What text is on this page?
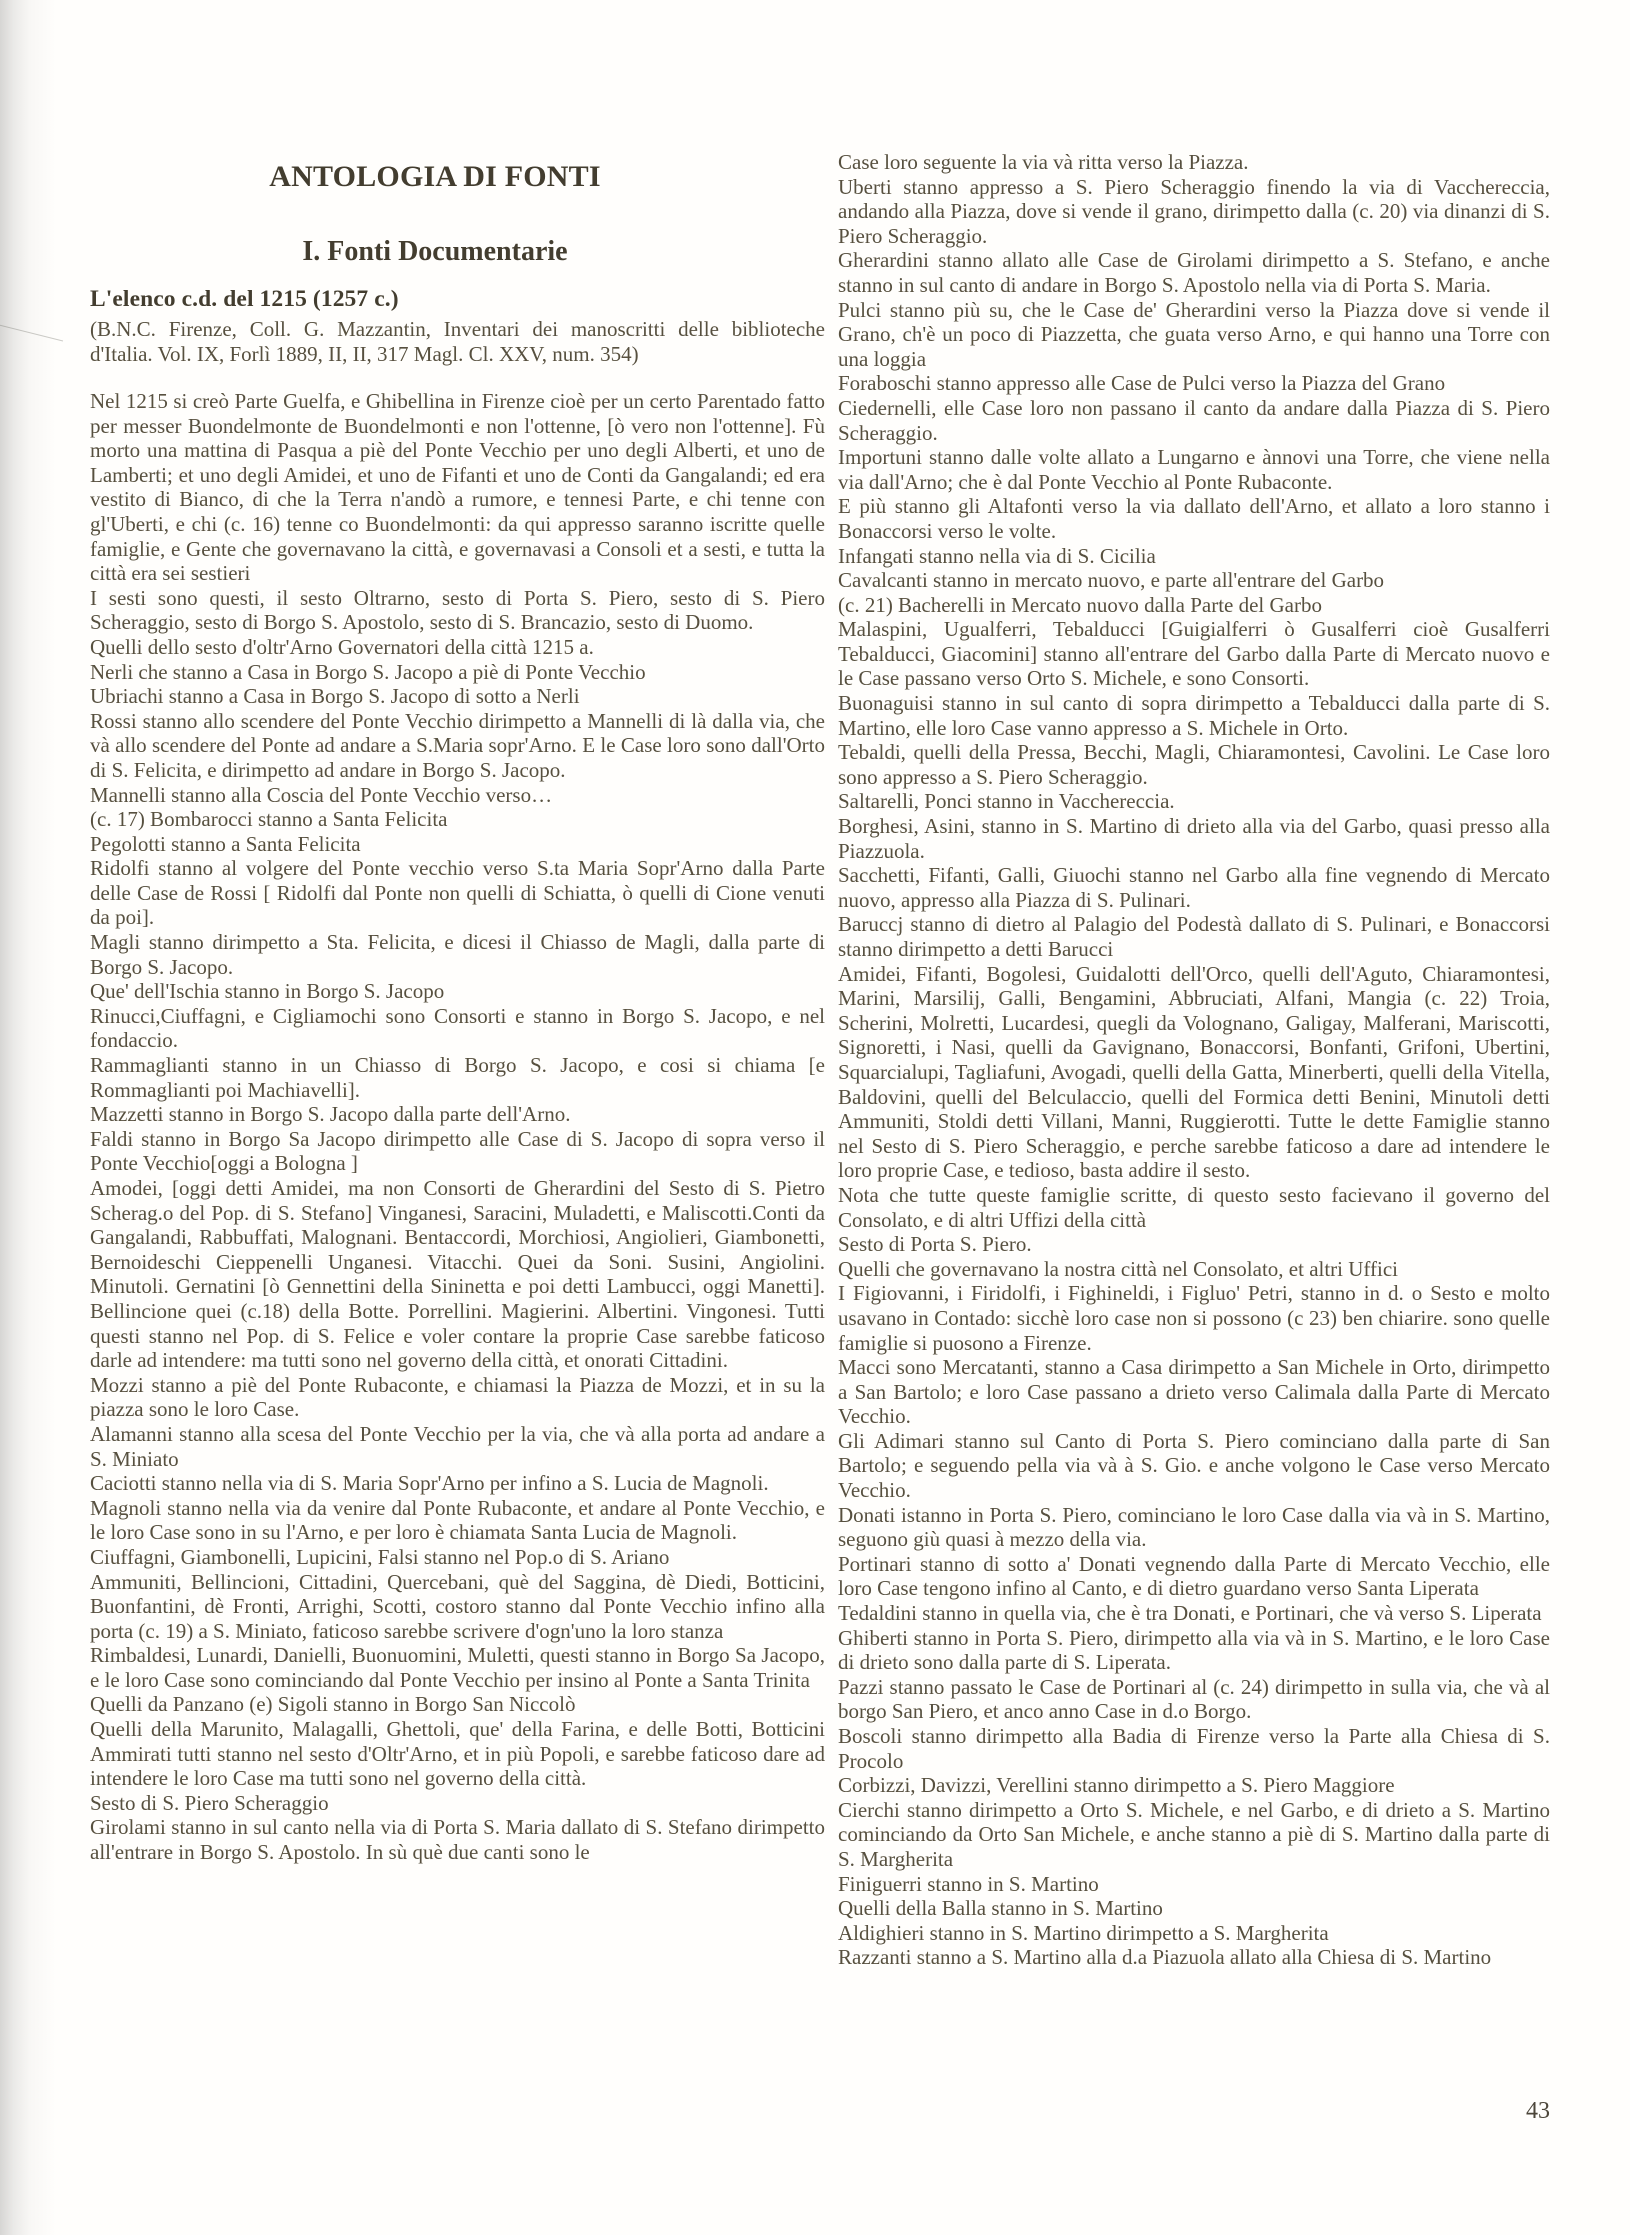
ANTOLOGIA DI FONTI
I. Fonti Documentarie
L'elenco c.d. del 1215 (1257 c.)
(B.N.C. Firenze, Coll. G. Mazzantin, Inventari dei manoscritti delle biblioteche d'Italia. Vol. IX, Forlì 1889, II, II, 317 Magl. Cl. XXV, num. 354)

Nel 1215 si creò Parte Guelfa, e Ghibellina in Firenze cioè per un certo Parentado fatto per messer Buondelmonte de Buondelmonti e non l'ottenne, [ò vero non l'ottenne]. Fù morto una mattina di Pasqua a piè del Ponte Vecchio per uno degli Alberti, et uno de Lamberti; et uno degli Amidei, et uno de Fifanti et uno de Conti da Gangalandi; ed era vestito di Bianco, di che la Terra n'andò a rumore, e tennesi Parte, e chi tenne con gl'Uberti, e chi (c. 16) tenne co Buondelmonti: da qui appresso saranno iscritte quelle famiglie, e Gente che governavano la città, e governavasi a Consoli et a sesti, e tutta la città era sei sestieri

I sesti sono questi, il sesto Oltrarno, sesto di Porta S. Piero, sesto di S. Piero Scheraggio, sesto di Borgo S. Apostolo, sesto di S. Brancazio, sesto di Duomo.

Quelli dello sesto d'oltr'Arno Governatori della città 1215 a.

Nerli che stanno a Casa in Borgo S. Jacopo a piè di Ponte Vecchio

Ubriachi stanno a Casa in Borgo S. Jacopo di sotto a Nerli

Rossi stanno allo scendere del Ponte Vecchio dirimpetto a Mannelli di là dalla via, che và allo scendere del Ponte ad andare a S.Maria sopr'Arno. E le Case loro sono dall'Orto di S. Felicita, e dirimpetto ad andare in Borgo S. Jacopo.

Mannelli stanno alla Coscia del Ponte Vecchio verso…

(c. 17) Bombarocci stanno a Santa Felicita

Pegolotti stanno a Santa Felicita

Ridolfi stanno al volgere del Ponte vecchio verso S.ta Maria Sopr'Arno dalla Parte delle Case de Rossi [ Ridolfi dal Ponte non quelli di Schiatta, ò quelli di Cione venuti da poi].

Magli stanno dirimpetto a Sta. Felicita, e dicesi il Chiasso de Magli, dalla parte di Borgo S. Jacopo.

Que' dell'Ischia stanno in Borgo S. Jacopo

Rinucci,Ciuffagni, e Cigliamochi sono Consorti e stanno in Borgo S. Jacopo, e nel fondaccio.

Rammaglianti stanno in un Chiasso di Borgo S. Jacopo, e cosi si chiama [e Rommaglianti poi Machiavelli].

Mazzetti stanno in Borgo S. Jacopo dalla parte dell'Arno.

Faldi stanno in Borgo Sa Jacopo dirimpetto alle Case di S. Jacopo di sopra verso il Ponte Vecchio[oggi a Bologna ]

Amodei, [oggi detti Amidei, ma non Consorti de Gherardini del Sesto di S. Pietro Scherag.o del Pop. di S. Stefano] Vinganesi, Saracini, Muladetti, e Maliscotti.Conti da Gangalandi, Rabbuffati, Malognani. Bentaccordi, Morchiosi, Angiolieri, Giambonetti, Bernoideschi Cieppenelli Unganesi. Vitacchi. Quei da Soni. Susini, Angiolini. Minutoli. Gernatini [ò Gennettini della Sininetta e poi detti Lambucci, oggi Manetti]. Bellincione quei (c.18) della Botte. Porrellini. Magierini. Albertini. Vingonesi. Tutti questi stanno nel Pop. di S. Felice e voler contare la proprie Case sarebbe faticoso darle ad intendere: ma tutti sono nel governo della città, et onorati Cittadini.

Mozzi stanno a piè del Ponte Rubaconte, e chiamasi la Piazza de Mozzi, et in su la piazza sono le loro Case.

Alamanni stanno alla scesa del Ponte Vecchio per la via, che và alla porta ad andare a S. Miniato

Caciotti stanno nella via di S. Maria Sopr'Arno per infino a S. Lucia de Magnoli.

Magnoli stanno nella via da venire dal Ponte Rubaconte, et andare al Ponte Vecchio, e le loro Case sono in su l'Arno, e per loro è chiamata Santa Lucia de Magnoli.

Ciuffagni, Giambonelli, Lupicini, Falsi stanno nel Pop.o di S. Ariano

Ammuniti, Bellincioni, Cittadini, Quercebani, què del Saggina, dè Diedi, Botticini, Buonfantini, dè Fronti, Arrighi, Scotti, costoro stanno dal Ponte Vecchio infino alla porta (c. 19) a S. Miniato, faticoso sarebbe scrivere d'ogn'uno la loro stanza

Rimbaldesi, Lunardi, Danielli, Buonuomini, Muletti, questi stanno in Borgo Sa Jacopo, e le loro Case sono cominciando dal Ponte Vecchio per insino al Ponte a Santa Trinita

Quelli da Panzano (e) Sigoli stanno in Borgo San Niccolò

Quelli della Marunito, Malagalli, Ghettoli, que' della Farina, e delle Botti, Botticini Ammirati tutti stanno nel sesto d'Oltr'Arno, et in più Popoli, e sarebbe faticoso dare ad intendere le loro Case ma tutti sono nel governo della città.

Sesto di S. Piero Scheraggio

Girolami stanno in sul canto nella via di Porta S. Maria dallato di S. Stefano dirimpetto all'entrare in Borgo S. Apostolo. In sù què due canti sono le

Case loro seguente la via và ritta verso la Piazza.

Uberti stanno appresso a S. Piero Scheraggio finendo la via di Vacchereccia, andando alla Piazza, dove si vende il grano, dirimpetto dalla (c. 20) via dinanzi di S. Piero Scheraggio.

Gherardini stanno allato alle Case de Girolami dirimpetto a S. Stefano, e anche stanno in sul canto di andare in Borgo S. Apostolo nella via di Porta S. Maria.

Pulci stanno più su, che le Case de' Gherardini verso la Piazza dove si vende il Grano, ch'è un poco di Piazzetta, che guata verso Arno, e qui hanno una Torre con una loggia

Foraboschi stanno appresso alle Case de Pulci verso la Piazza del Grano

Ciedernelli, elle Case loro non passano il canto da andare dalla Piazza di S. Piero Scheraggio.

Importuni stanno dalle volte allato a Lungarno e ànnovi una Torre, che viene nella via dall'Arno; che è dal Ponte Vecchio al Ponte Rubaconte.

E più stanno gli Altafonti verso la via dallato dell'Arno, et allato a loro stanno i Bonaccorsi verso le volte.

Infangati stanno nella via di S. Cicilia

Cavalcanti stanno in mercato nuovo, e parte all'entrare del Garbo

(c. 21) Bacherelli in Mercato nuovo dalla Parte del Garbo

Malaspini, Ugualferri, Tebalducci [Guigialferri ò Gusalferri cioè Gusalferri Tebalducci, Giacomini] stanno all'entrare del Garbo dalla Parte di Mercato nuovo e le Case passano verso Orto S. Michele, e sono Consorti.

Buonaguisi stanno in sul canto di sopra dirimpetto a Tebalducci dalla parte di S. Martino, elle loro Case vanno appresso a S. Michele in Orto.

Tebaldi, quelli della Pressa, Becchi, Magli, Chiaramontesi, Cavolini. Le Case loro sono appresso a S. Piero Scheraggio.

Saltarelli, Ponci stanno in Vacchereccia.

Borghesi, Asini, stanno in S. Martino di drieto alla via del Garbo, quasi presso alla Piazzuola.

Sacchetti, Fifanti, Galli, Giuochi stanno nel Garbo alla fine vegnendo di Mercato nuovo, appresso alla Piazza di S. Pulinari.

Baruccj stanno di dietro al Palagio del Podestà dallato di S. Pulinari, e Bonaccorsi stanno dirimpetto a detti Barucci

Amidei, Fifanti, Bogolesi, Guidalotti dell'Orco, quelli dell'Aguto, Chiaramontesi, Marini, Marsilij, Galli, Bengamini, Abbruciati, Alfani, Mangia (c. 22) Troia, Scherini, Molretti, Lucardesi, quegli da Volognano, Galigay, Malferani, Mariscotti, Signoretti, i Nasi, quelli da Gavignano, Bonaccorsi, Bonfanti, Grifoni, Ubertini, Squarcialupi, Tagliafuni, Avogadi, quelli della Gatta, Minerberti, quelli della Vitella, Baldovini, quelli del Belculaccio, quelli del Formica detti Benini, Minutoli detti Ammuniti, Stoldi detti Villani, Manni, Ruggierotti. Tutte le dette Famiglie stanno nel Sesto di S. Piero Scheraggio, e perche sarebbe faticoso a dare ad intendere le loro proprie Case, e tedioso, basta addire il sesto.

Nota che tutte queste famiglie scritte, di questo sesto facievano il governo del Consolato, e di altri Uffizi della città

Sesto di Porta S. Piero.

Quelli che governavano la nostra città nel Consolato, et altri Uffici

I Figiovanni, i Firidolfi, i Fighineldi, i Figluo' Petri, stanno in d. o Sesto e molto usavano in Contado: sicchè loro case non si possono (c 23) ben chiarire. sono quelle famiglie si puosono a Firenze.

Macci sono Mercatanti, stanno a Casa dirimpetto a San Michele in Orto, dirimpetto a San Bartolo; e loro Case passano a drieto verso Calimala dalla Parte di Mercato Vecchio.

Gli Adimari stanno sul Canto di Porta S. Piero cominciano dalla parte di San Bartolo; e seguendo pella via và à S. Gio. e anche volgono le Case verso Mercato Vecchio.

Donati istanno in Porta S. Piero, cominciano le loro Case dalla via và in S. Martino, seguono giù quasi à mezzo della via.

Portinari stanno di sotto a' Donati vegnendo dalla Parte di Mercato Vecchio, elle loro Case tengono infino al Canto, e di dietro guardano verso Santa Liperata

Tedaldini stanno in quella via, che è tra Donati, e Portinari, che và verso S. Liperata

Ghiberti stanno in Porta S. Piero, dirimpetto alla via và in S. Martino, e le loro Case di drieto sono dalla parte di S. Liperata.

Pazzi stanno passato le Case de Portinari al (c. 24) dirimpetto in sulla via, che và al borgo San Piero, et anco anno Case in d.o Borgo.

Boscoli stanno dirimpetto alla Badia di Firenze verso la Parte alla Chiesa di S. Procolo

Corbizzi, Davizzi, Verellini stanno dirimpetto a S. Piero Maggiore

Cierchi stanno dirimpetto a Orto S. Michele, e nel Garbo, e di drieto a S. Martino cominciando da Orto San Michele, e anche stanno a piè di S. Martino dalla parte di S. Margherita

Finiguerri stanno in S. Martino

Quelli della Balla stanno in S. Martino

Aldighieri stanno in S. Martino dirimpetto a S. Margherita

Razzanti stanno a S. Martino alla d.a Piazuola allato alla Chiesa di S. Martino

43
